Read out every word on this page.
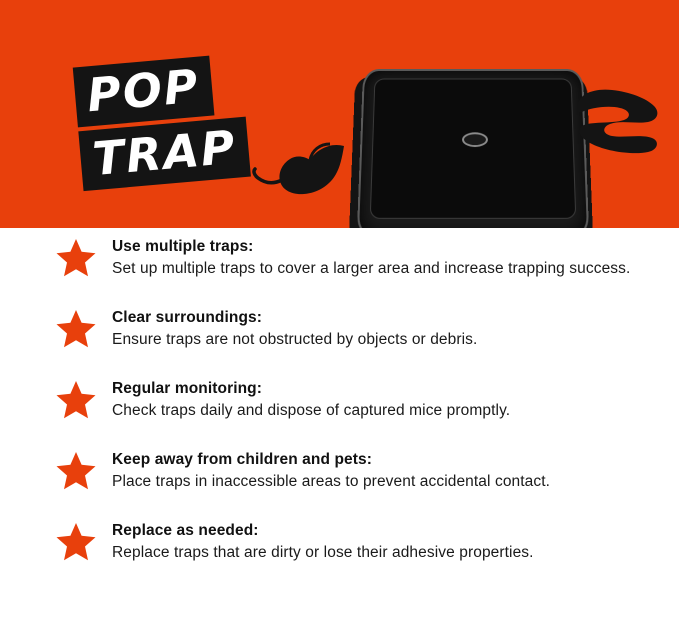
POP
TRAP
Use multiple traps:
Set up multiple traps to cover a larger area and increase trapping success.
Clear surroundings:
Ensure traps are not obstructed by objects or debris.
Regular monitoring:
Check traps daily and dispose of captured mice promptly.
Keep away from children and pets:
Place traps in inaccessible areas to prevent accidental contact.
Replace as needed:
Replace traps that are dirty or lose their adhesive properties.
